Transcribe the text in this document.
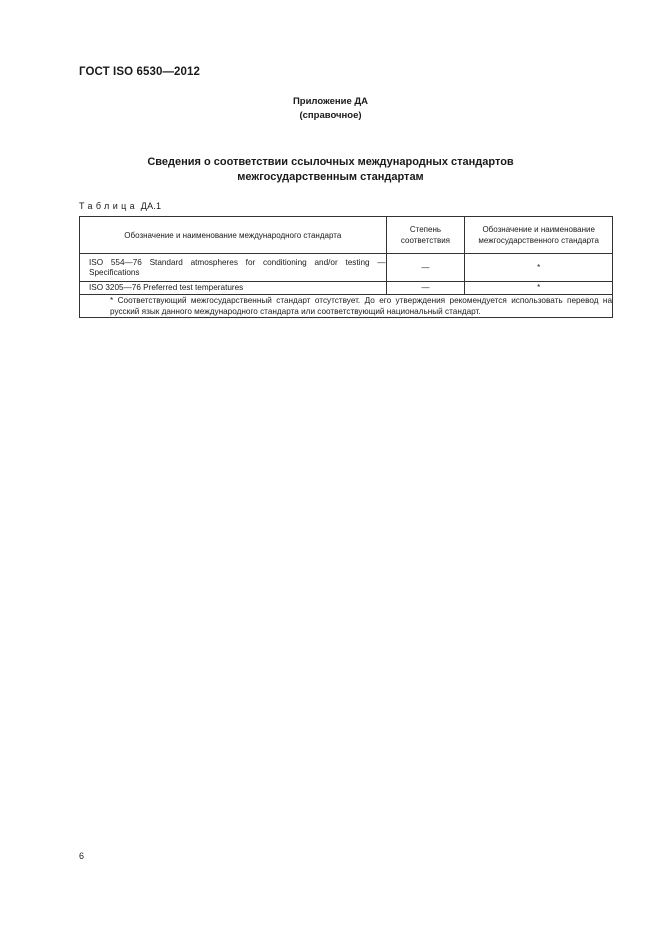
ГОСТ ISO 6530—2012
Приложение ДА
(справочное)
Сведения о соответствии ссылочных международных стандартов
межгосударственным стандартам
Таблица ДА.1
Обозначение и наименование международного стандарта	Степень соответствия	Обозначение и наименование межгосударственного стандарта

ISO 554—76 Standard atmospheres for conditioning and/or testing — Specifications	—	*

ISO 3205—76 Preferred test temperatures	—	*

* Соответствующий межгосударственный стандарт отсутствует. До его утверждения рекомендуется использовать перевод на русский язык данного международного стандарта или соответствующий национальный стандарт.		
6
